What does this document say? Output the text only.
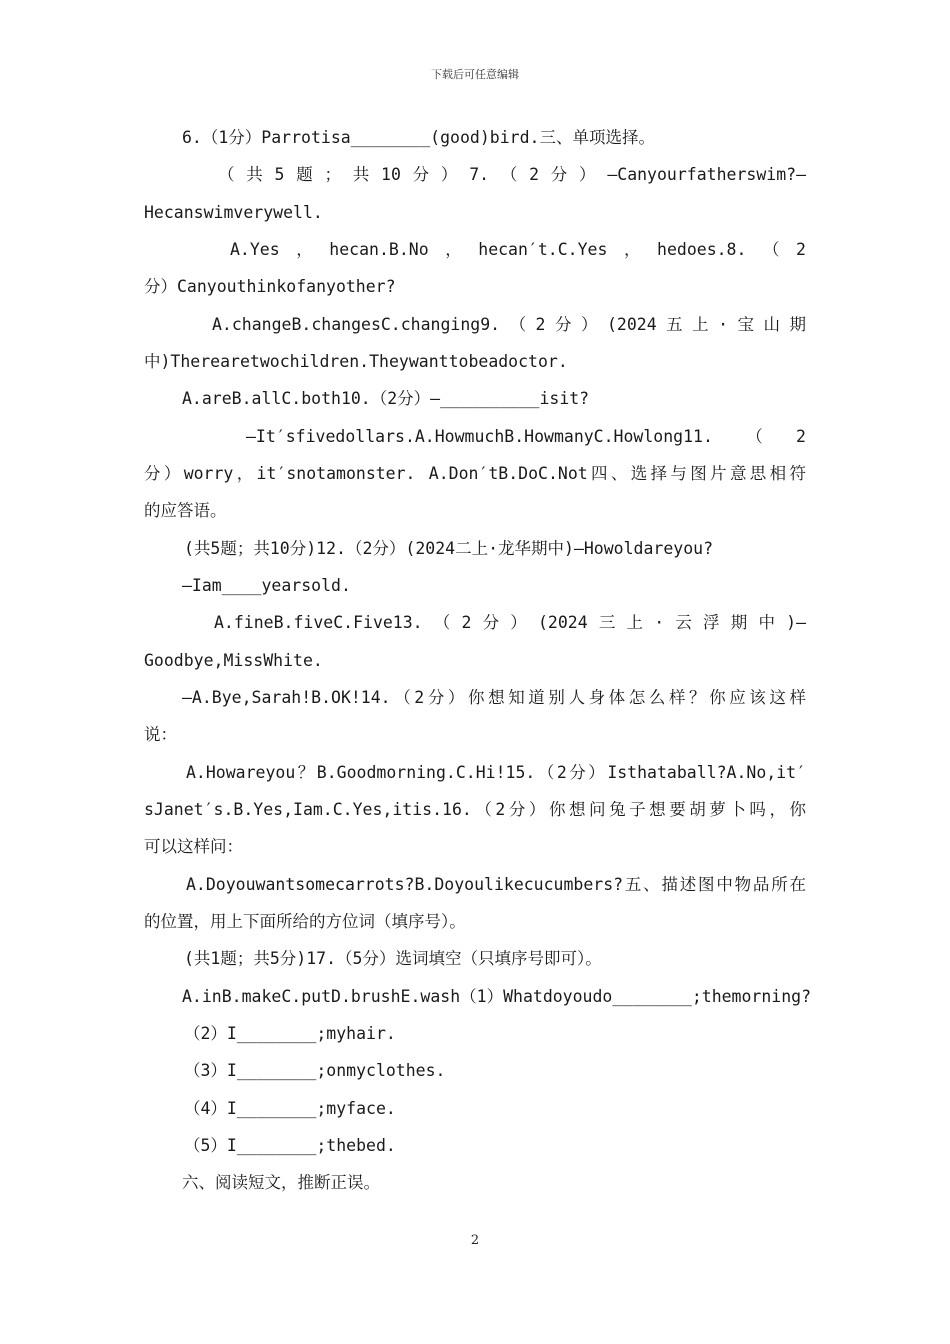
下载后可任意编辑
6.（1分）Parrotisa________(good)bird.三、单项选择。
（共5题；共10分）7.（2分）—Canyourfatherswim?—
Hecanswimverywell.
A.Yes，hecan.B.No，hecan′t.C.Yes，hedoes.8.（2
分）Canyouthinkofanyother?
A.changeB.changesC.changing9.（2分）(2024五上·宝山期
中)Therearetwochildren.Theywanttobeadoctor.
A.areB.allC.both10.（2分）—__________isit?
—It′sfivedollars.A.HowmuchB.HowmanyC.Howlong11.（2
分）worry，it′snotamonster. A.Don′tB.DoC.Not四、选择与图片意思相符
的应答语。
(共5题；共10分)12.（2分）(2024二上·龙华期中)—Howoldareyou?
—Iam____yearsold.
A.fineB.fiveC.Five13.（2分）(2024三上·云浮期中)—
Goodbye,MissWhite.
—A.Bye,Sarah!B.OK!14.（2分）你想知道别人身体怎么样？你应该这样
说：
A.Howareyou？B.Goodmorning.C.Hi!15.（2分）Isthataball?A.No,it′
sJanet′s.B.Yes,Iam.C.Yes,itis.16.（2分）你想问兔子想要胡萝卜吗，你
可以这样问：
A.Doyouwantsomecarrots?B.Doyoulikecucumbers?五、描述图中物品所在
的位置，用上下面所给的方位词（填序号）。
(共1题；共5分)17.（5分）选词填空（只填序号即可）。
A.inB.makeC.putD.brushE.wash（1）Whatdoyoudo________;themorning?
（2）I________;myhair.
（3）I________;onmyclothes.
（4）I________;myface.
（5）I________;thebed.
六、阅读短文，推断正误。
2
